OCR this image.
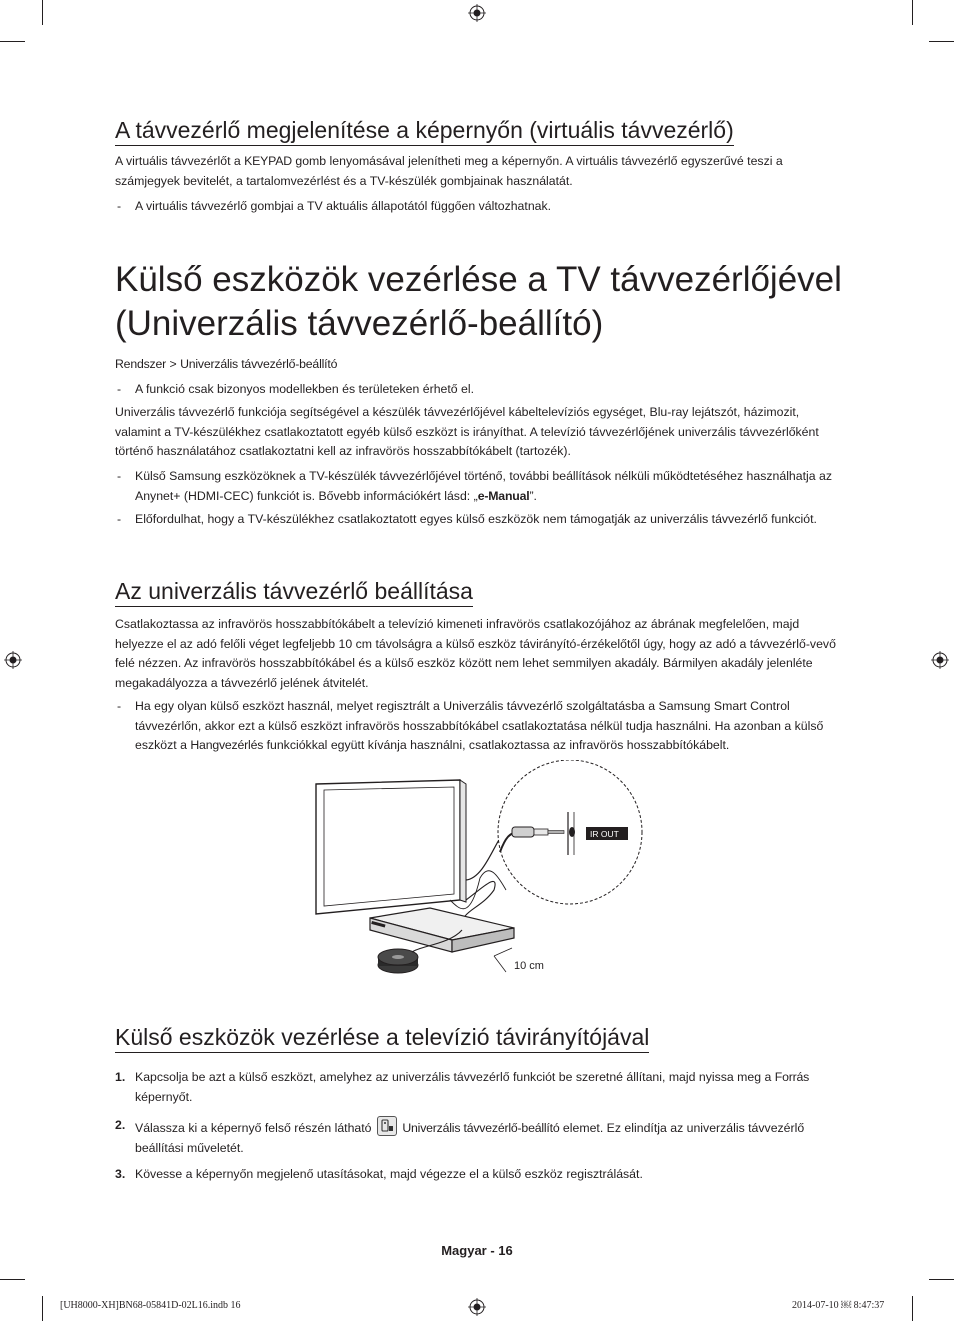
A távvezérlő megjelenítése a képernyőn (virtuális távvezérlő)

A virtuális távvezérlőt a KEYPAD gomb lenyomásával jelenítheti meg a képernyőn. A virtuális távvezérlő egyszerűvé teszi a számjegyek bevitelét, a tartalomvezérlést és a TV-készülék gombjainak használatát.

- A virtuális távvezérlő gombjai a TV aktuális állapotától függően változhatnak.

Külső eszközök vezérlése a TV távvezérlőjével (Univerzális távvezérlő-beállító)
Rendszer > Univerzális távvezérlő-beállító
- A funkció csak bizonyos modellekben és területeken érhető el.

Univerzális távvezérlő funkciója segítségével a készülék távvezérlőjével kábeltelevíziós egységet, Blu-ray lejátszót, házimozit, valamint a TV-készülékhez csatlakoztatott egyéb külső eszközt is irányíthat. A televízió távvezérlőjének univerzális távvezérlőként történő használatához csatlakoztatni kell az infravörös hosszabbítókábelt (tartozék).

- Külső Samsung eszközöknek a TV-készülék távvezérlőjével történő, további beállítások nélküli működtetéséhez használhatja az Anynet+ (HDMI-CEC) funkciót is. Bővebb információkért lásd: „e-Manual”.

- Előfordulhat, hogy a TV-készülékhez csatlakoztatott egyes külső eszközök nem támogatják az univerzális távvezérlő funkciót.

Az univerzális távvezérlő beállítása

Csatlakoztassa az infravörös hosszabbítókábelt a televízió kimeneti infravörös csatlakozójához az ábrának megfelelően, majd helyezze el az adó felőli véget legfeljebb 10 cm távolságra a külső eszköz távirányító-érzékelőtől úgy, hogy az adó a távvezérlő-vevő felé nézzen. Az infravörös hosszabbítókábel és a külső eszköz között nem lehet semmilyen akadály. Bármilyen akadály jelenléte megakadályozza a távvezérlő jelének átvitelét.

- Ha egy olyan külső eszközt használ, melyet regisztrált a Univerzális távvezérlő szolgáltatásba a Samsung Smart Control távvezérlőn, akkor ezt a külső eszközt infravörös hosszabbítókábel csatlakoztatása nélkül tudja használni. Ha azonban a külső eszközt a Hangvezérlés funkciókkal együtt kívánja használni, csatlakoztassa az infravörös hosszabbítókábelt.

IR OUT
10 cm
Külső eszközök vezérlése a televízió távirányítójával
1. Kapcsolja be azt a külső eszközt, amelyhez az univerzális távvezérlő funkciót be szeretné állítani, majd nyissa meg a Forrás képernyőt.

2. Válassza ki a képernyő felső részén látható
Univerzális távvezérlő-beállító elemet. Ez elindítja az univerzális távvezérlő beállítási műveletét.

3. Kövesse a képernyőn megjelenő utasításokat, majd végezze el a külső eszköz regisztrálását.

Magyar - 16
[UH8000-XH]BN68-05841D-02L16.indb 16	2014-07-10 ￼ 8:47:37
